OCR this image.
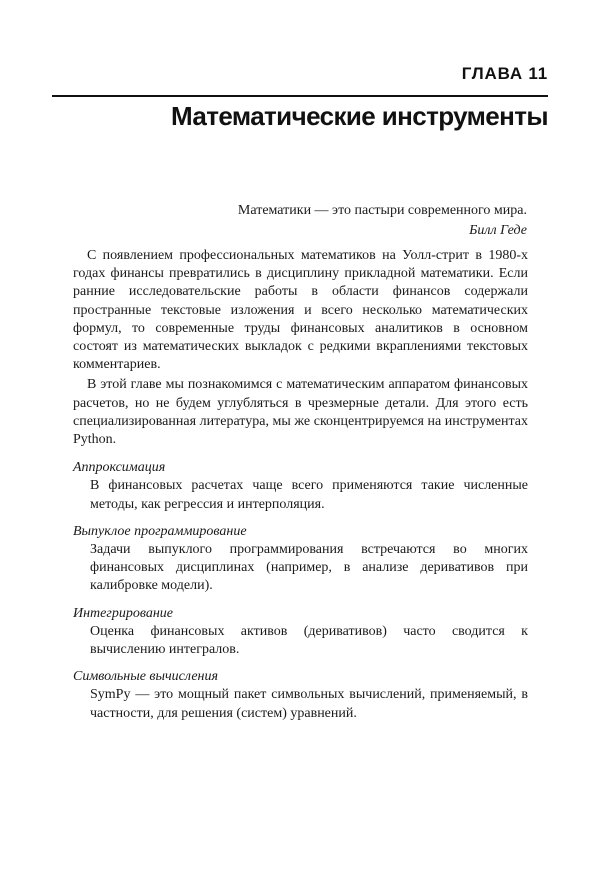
ГЛАВА 11
Математические инструменты
Математики — это пастыри современного мира.
Билл Геде

С появлением профессиональных математиков на Уолл-стрит в 1980-х годах финансы превратились в дисциплину прикладной математики. Если ранние исследовательские работы в области финансов содержали пространные текстовые изложения и всего несколько математических формул, то современные труды финансовых аналитиков в основном состоят из математических выкладок с редкими вкраплениями текстовых комментариев.

В этой главе мы познакомимся с математическим аппаратом финансовых расчетов, но не будем углубляться в чрезмерные детали. Для этого есть специализированная литература, мы же сконцентрируемся на инструментах Python.

Аппроксимация

В финансовых расчетах чаще всего применяются такие численные методы, как регрессия и интерполяция.

Выпуклое программирование

Задачи выпуклого программирования встречаются во многих финансовых дисциплинах (например, в анализе деривативов при калибровке модели).

Интегрирование

Оценка финансовых активов (деривативов) часто сводится к вычислению интегралов.

Символьные вычисления

SymPy — это мощный пакет символьных вычислений, применяемый, в частности, для решения (систем) уравнений.
